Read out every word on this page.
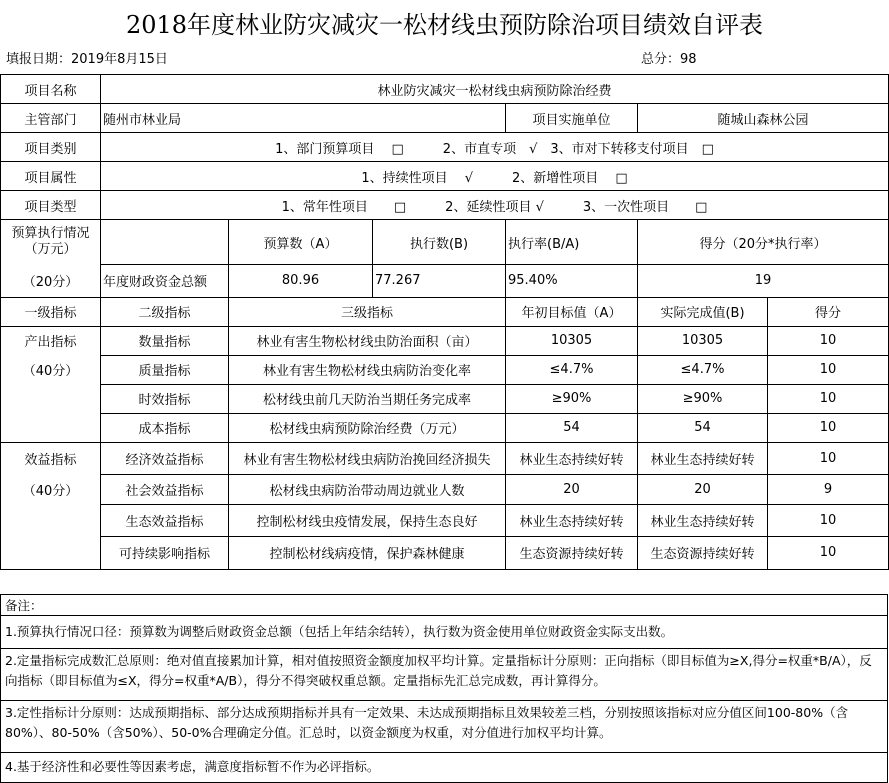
2018年度林业防灾减灾一松材线虫预防除治项目绩效自评表
填报日期：2019年8月15日	总分：98
项目名称	林业防灾减灾一松材线虫病预防除治经费					
主管部门	随州市林业局			项目实施单位	随城山森林公园	
项目类别	1、部门预算项目　 □　　　2、市直专项　√　3、市对下转移支付项目　□					
项目属性	1、持续性项目　 √　　　2、新增性项目　 □					
项目类型	1、常年性项目　　□　　　2、延续性项目 √　　　3、一次性项目　　□					

预算执行情况
（万元）		预算数（A）	执行数(B)	执行率(B/A)	得分（20分*执行率）	
（20分）	年度财政资金总额	80.96	77.267	95.40%	19	
一级指标	二级指标	三级指标		年初目标值（A）	实际完成值(B)	得分
产出指标	数量指标	林业有害生物松材线虫防治面积（亩）		10305	10305	10
（40分）	质量指标	林业有害生物松材线虫病防治变化率		≤4.7%	≤4.7%	10
	时效指标	松材线虫前几天防治当期任务完成率		≥90%	≥90%	10
	成本指标	松材线虫病预防除治经费（万元）		54	54	10
效益指标	经济效益指标	林业有害生物松材线虫病防治挽回经济损失		林业生态持续好转	林业生态持续好转	10
（40分）	社会效益指标	松材线虫病防治带动周边就业人数		20	20	9
	生态效益指标	控制松材线虫疫情发展，保持生态良好		林业生态持续好转	林业生态持续好转	10
	可持续影响指标	控制松材线病疫情，保护森林健康		生态资源持续好转	生态资源持续好转	10
备注：
1.预算执行情况口径：预算数为调整后财政资金总额（包括上年结余结转），执行数为资金使用单位财政资金实际支出数。
2.定量指标完成数汇总原则：绝对值直接累加计算，相对值按照资金额度加权平均计算。定量指标计分原则：正向指标（即目标值为≥X,得分=权重*B/A），反向指标（即目标值为≤X，得分=权重*A/B），得分不得突破权重总额。定量指标先汇总完成数，再计算得分。
3.定性指标计分原则：达成预期指标、部分达成预期指标并具有一定效果、未达成预期指标且效果较差三档，分别按照该指标对应分值区间100-80%（含80%）、80-50%（含50%）、50-0%合理确定分值。汇总时，以资金额度为权重，对分值进行加权平均计算。
4.基于经济性和必要性等因素考虑，满意度指标暂不作为必评指标。
